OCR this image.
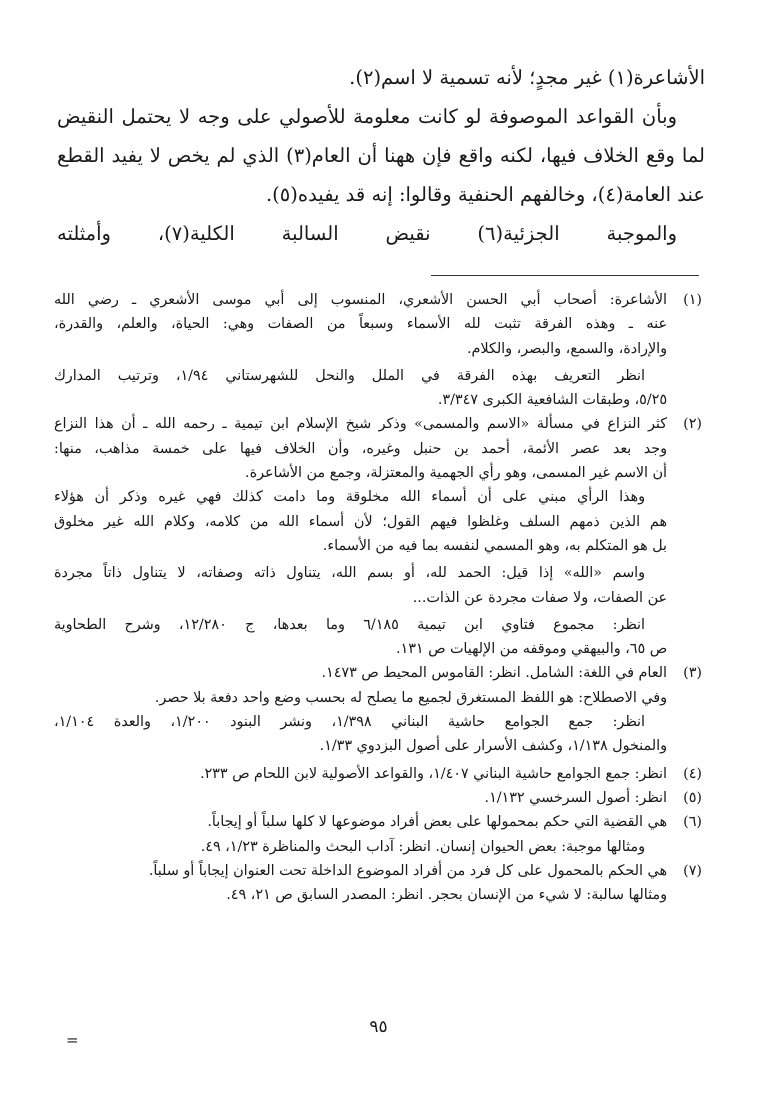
الأشاعرة(١) غير مجدٍ؛ لأنه تسمية لا اسم(٢).
وبأن القواعد الموصوفة لو كانت معلومة للأصولي على وجه لا يحتمل النقيض
لما وقع الخلاف فيها، لكنه واقع فإن ههنا أن العام(٣) الذي لم يخص لا يفيد القطع
عند العامة(٤)، وخالفهم الحنفية وقالوا: إنه قد يفيده(٥).
والموجبة الجزئية(٦) نقيض السالبة الكلية(٧)، وأمثلته
(١)
الأشاعرة: أصحاب أبي الحسن الأشعري، المنسوب إلى أبي موسى الأشعري ـ رضي الله
عنه ـ وهذه الفرقة تثبت لله الأسماء وسبعاً من الصفات وهي: الحياة، والعلم، والقدرة،
والإرادة، والسمع، والبصر، والكلام.
انظر التعريف بهذه الفرقة في الملل والنحل للشهرستاني ١/٩٤، وترتيب المدارك
٥/٢٥، وطبقات الشافعية الكبرى ٣/٣٤٧.
(٢)
كثر النزاع في مسألة «الاسم والمسمى» وذكر شيخ الإسلام ابن تيمية ـ رحمه الله ـ أن هذا النزاع
وجد بعد عصر الأئمة، أحمد بن حنبل وغيره، وأن الخلاف فيها على خمسة مذاهب، منها:
أن الاسم غير المسمى، وهو رأي الجهمية والمعتزلة، وجمع من الأشاعرة.
وهذا الرأي مبني على أن أسماء الله مخلوقة وما دامت كذلك فهي غيره وذكر أن هؤلاء
هم الذين ذمهم السلف وغلظوا فيهم القول؛ لأن أسماء الله من كلامه، وكلام الله غير مخلوق
بل هو المتكلم به، وهو المسمي لنفسه بما فيه من الأسماء.
واسم «الله» إذا قيل: الحمد لله، أو بسم الله، يتناول ذاته وصفاته، لا يتناول ذاتاً مجردة
عن الصفات، ولا صفات مجردة عن الذات...
انظر: مجموع فتاوي ابن تيمية ٦/١٨٥ وما بعدها، ج ١٢/٢٨٠، وشرح الطحاوية
ص ٦٥، والبيهقي وموقفه من الإلهيات ص ١٣١.
(٣)
العام في اللغة: الشامل. انظر: القاموس المحيط ص ١٤٧٣.
وفي الاصطلاح: هو اللفظ المستغرق لجميع ما يصلح له بحسب وضع واحد دفعة بلا حصر.
انظر: جمع الجوامع حاشية البناني ١/٣٩٨، ونشر البنود ١/٢٠٠، والعدة ١/١٠٤،
والمنخول ١/١٣٨، وكشف الأسرار على أصول البزدوي ١/٣٣.
(٤)
انظر: جمع الجوامع حاشية البناني ١/٤٠٧، والقواعد الأصولية لابن اللحام ص ٢٣٣.
(٥)
انظر: أصول السرخسي ١/١٣٢.
(٦)
هي القضية التي حكم بمحمولها على بعض أفراد موضوعها لا كلها سلباً أو إيجاباً.
ومثالها موجبة: بعض الحيوان إنسان. انظر: آداب البحث والمناظرة ١/٢٣، ٤٩.
(٧)
هي الحكم بالمحمول على كل فرد من أفراد الموضوع الداخلة تحت العنوان إيجاباً أو سلباً.
ومثالها سالبة: لا شيء من الإنسان بحجر. انظر: المصدر السابق ص ٢١، ٤٩.
=
٩٥
